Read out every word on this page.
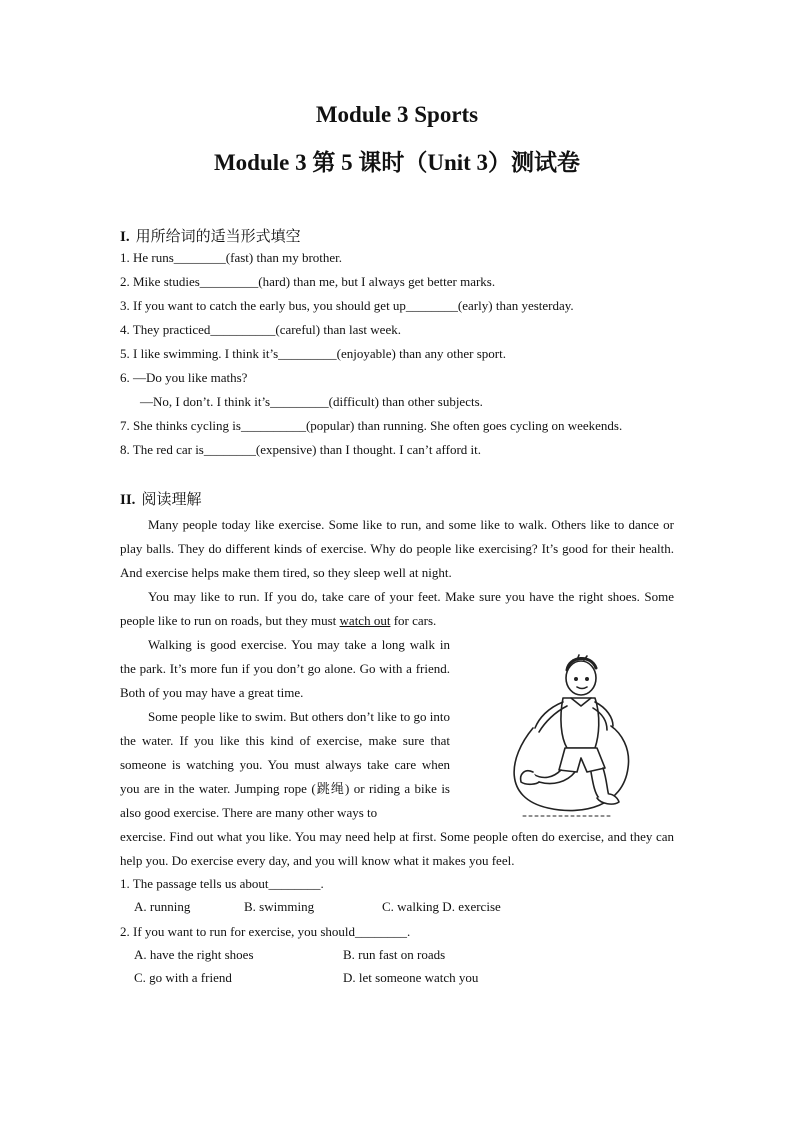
Module 3 Sports
Module 3 第 5 课时（Unit 3）测试卷
I. 用所给词的适当形式填空
1. He runs________(fast) than my brother.
2. Mike studies_________(hard) than me, but I always get better marks.
3. If you want to catch the early bus, you should get up________(early) than yesterday.
4. They practiced__________(careful) than last week.
5. I like swimming. I think it’s_________(enjoyable) than any other sport.
6. —Do you like maths?
—No, I don’t. I think it’s_________(difficult) than other subjects.
7. She thinks cycling is__________(popular) than running. She often goes cycling on weekends.
8. The red car is________(expensive) than I thought. I can’t afford it.
II. 阅读理解

Many people today like exercise. Some like to run, and some like to walk. Others like to dance or play balls. They do different kinds of exercise. Why do people like exercising? It’s good for their health. And exercise helps make them tired, so they sleep well at night.

You may like to run. If you do, take care of your feet. Make sure you have the right shoes. Some people like to run on roads, but they must watch out for cars.

Walking is good exercise. You may take a long walk in the park. It’s more fun if you don’t go alone. Go with a friend. Both of you may have a great time.

Some people like to swim. But others don’t like to go into the water. If you like this kind of exercise, make sure that someone is watching you. You must always take care when you are in the water. Jumping rope (跳绳) or riding a bike is also good exercise. There are many other ways to

exercise. Find out what you like. You may need help at first. Some people often do exercise, and they can help you. Do exercise every day, and you will know what it makes you feel.

1. The passage tells us about________.
A. running	B. swimming	C. walking D. exercise
2. If you want to run for exercise, you should________.
A. have the right shoes	B. run fast on roads
C. go with a friend	D. let someone watch you
